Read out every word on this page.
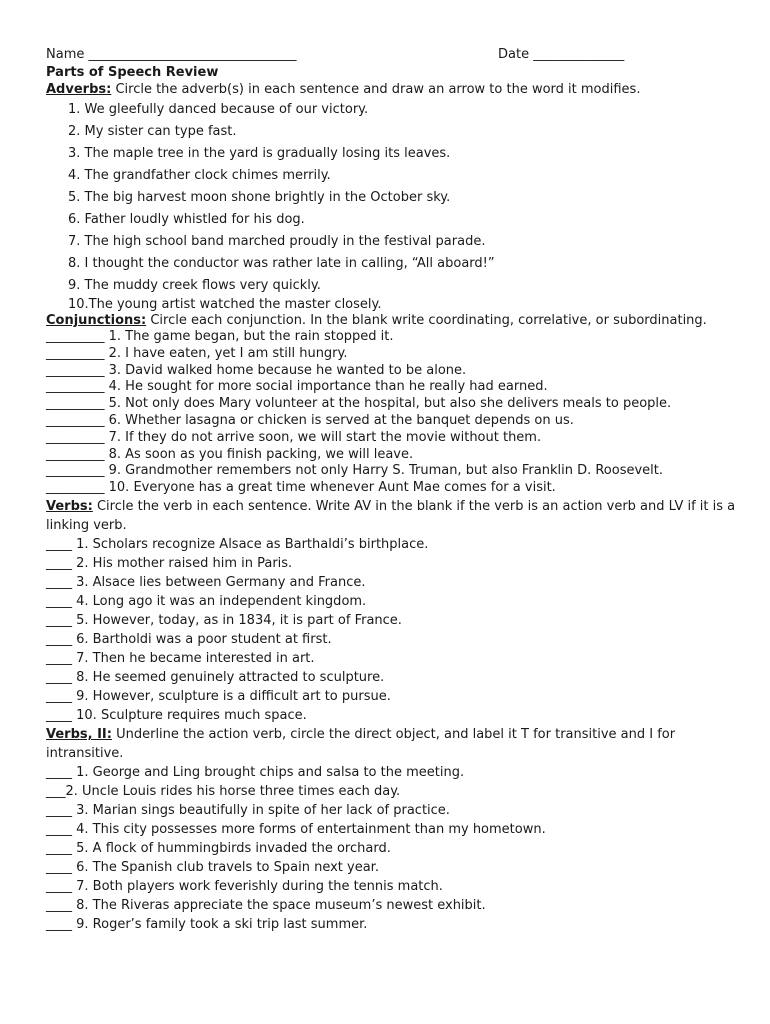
Name ________________________________	Date ______________
Parts of Speech Review
Adverbs: Circle the adverb(s) in each sentence and draw an arrow to the word it modifies.
1. We gleefully danced because of our victory.
2. My sister can type fast.
3. The maple tree in the yard is gradually losing its leaves.
4. The grandfather clock chimes merrily.
5. The big harvest moon shone brightly in the October sky.
6. Father loudly whistled for his dog.
7. The high school band marched proudly in the festival parade.
8. I thought the conductor was rather late in calling, “All aboard!”
9. The muddy creek flows very quickly.
10.The young artist watched the master closely.
Conjunctions: Circle each conjunction. In the blank write coordinating, correlative, or subordinating.
_________ 1. The game began, but the rain stopped it.
_________ 2. I have eaten, yet I am still hungry.
_________ 3. David walked home because he wanted to be alone.
_________ 4. He sought for more social importance than he really had earned.
_________ 5. Not only does Mary volunteer at the hospital, but also she delivers meals to people.
_________ 6. Whether lasagna or chicken is served at the banquet depends on us.
_________ 7. If they do not arrive soon, we will start the movie without them.
_________ 8. As soon as you finish packing, we will leave.
_________ 9. Grandmother remembers not only Harry S. Truman, but also Franklin D. Roosevelt.
_________ 10. Everyone has a great time whenever Aunt Mae comes for a visit.
Verbs: Circle the verb in each sentence. Write AV in the blank if the verb is an action verb and LV if it is a linking verb.
____ 1. Scholars recognize Alsace as Barthaldi’s birthplace.
____ 2. His mother raised him in Paris.
____ 3. Alsace lies between Germany and France.
____ 4. Long ago it was an independent kingdom.
____ 5. However, today, as in 1834, it is part of France.
____ 6. Bartholdi was a poor student at first.
____ 7. Then he became interested in art.
____ 8. He seemed genuinely attracted to sculpture.
____ 9. However, sculpture is a difficult art to pursue.
____ 10. Sculpture requires much space.
Verbs, II: Underline the action verb, circle the direct object, and label it T for transitive and I for intransitive.
____ 1. George and Ling brought chips and salsa to the meeting.
___2. Uncle Louis rides his horse three times each day.
____ 3. Marian sings beautifully in spite of her lack of practice.
____ 4. This city possesses more forms of entertainment than my hometown.
____ 5. A flock of hummingbirds invaded the orchard.
____ 6. The Spanish club travels to Spain next year.
____ 7. Both players work feverishly during the tennis match.
____ 8. The Riveras appreciate the space museum’s newest exhibit.
____ 9. Roger’s family took a ski trip last summer.
